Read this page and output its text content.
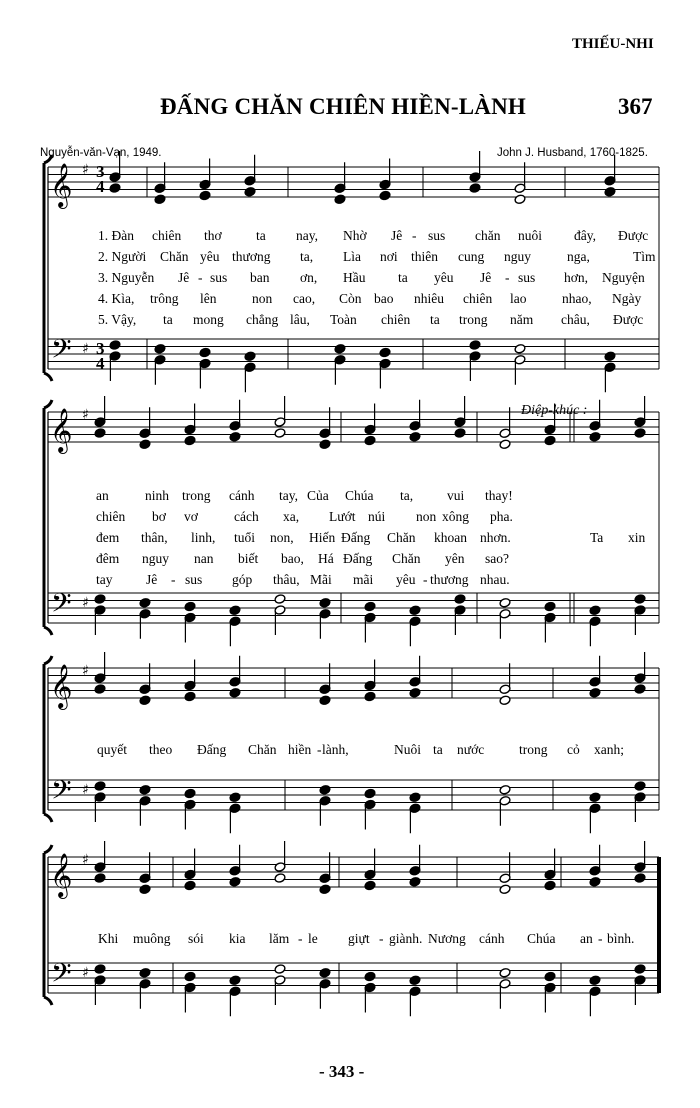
THIẾU-NHI
ĐẤNG CHĂN CHIÊN HIỀN-LÀNH	367
Nguyễn-văn-Vạn, 1949.	John J. Husband, 1760-1825.
𝄞
𝄢
♯
♯
𝄞
𝄢
♯
♯
𝄞
𝄢
♯
♯
𝄞
𝄢
♯
♯
3
4
3
4
Điệp-khúc :
1. Đàn chiên thơ	ta nay, Nhờ Jê - sus chăn nuôi đây, Được
2. Người Chăn yêu thương ta, Lìa nơi thiên cung nguy	nga,	Tìm
3. Nguyễn Jê - sus ban ơn, Hầu ta yêu Jê - sus hơn, Nguyện
4. Kìa, trông lên	non cao, Còn bao nhiêu chiên lao	nhao, Ngày
5. Vậy, ta mong chẳng lâu, Toàn chiên ta trong năm châu, Được
an	ninh trong cánh tay, Của Chúa ta,	vui thay!
chiên bơ vơ	cách xa, Lướt núi non xông pha.
đem thân, linh, tuổi non, Hiến Đấng Chăn khoan nhơn.	Ta xin
đêm nguy nan biết bao, Há Đấng Chăn yên sao?
tay Jê - sus góp thâu, Mãi mãi yêu - thương nhau.
quyết theo Đấng Chăn hiền - lành,	Nuôi ta nước	trong cỏ xanh;
Khi muông sói kia lăm - le giựt - giành. Nương cánh Chúa an - bình.
- 343 -
